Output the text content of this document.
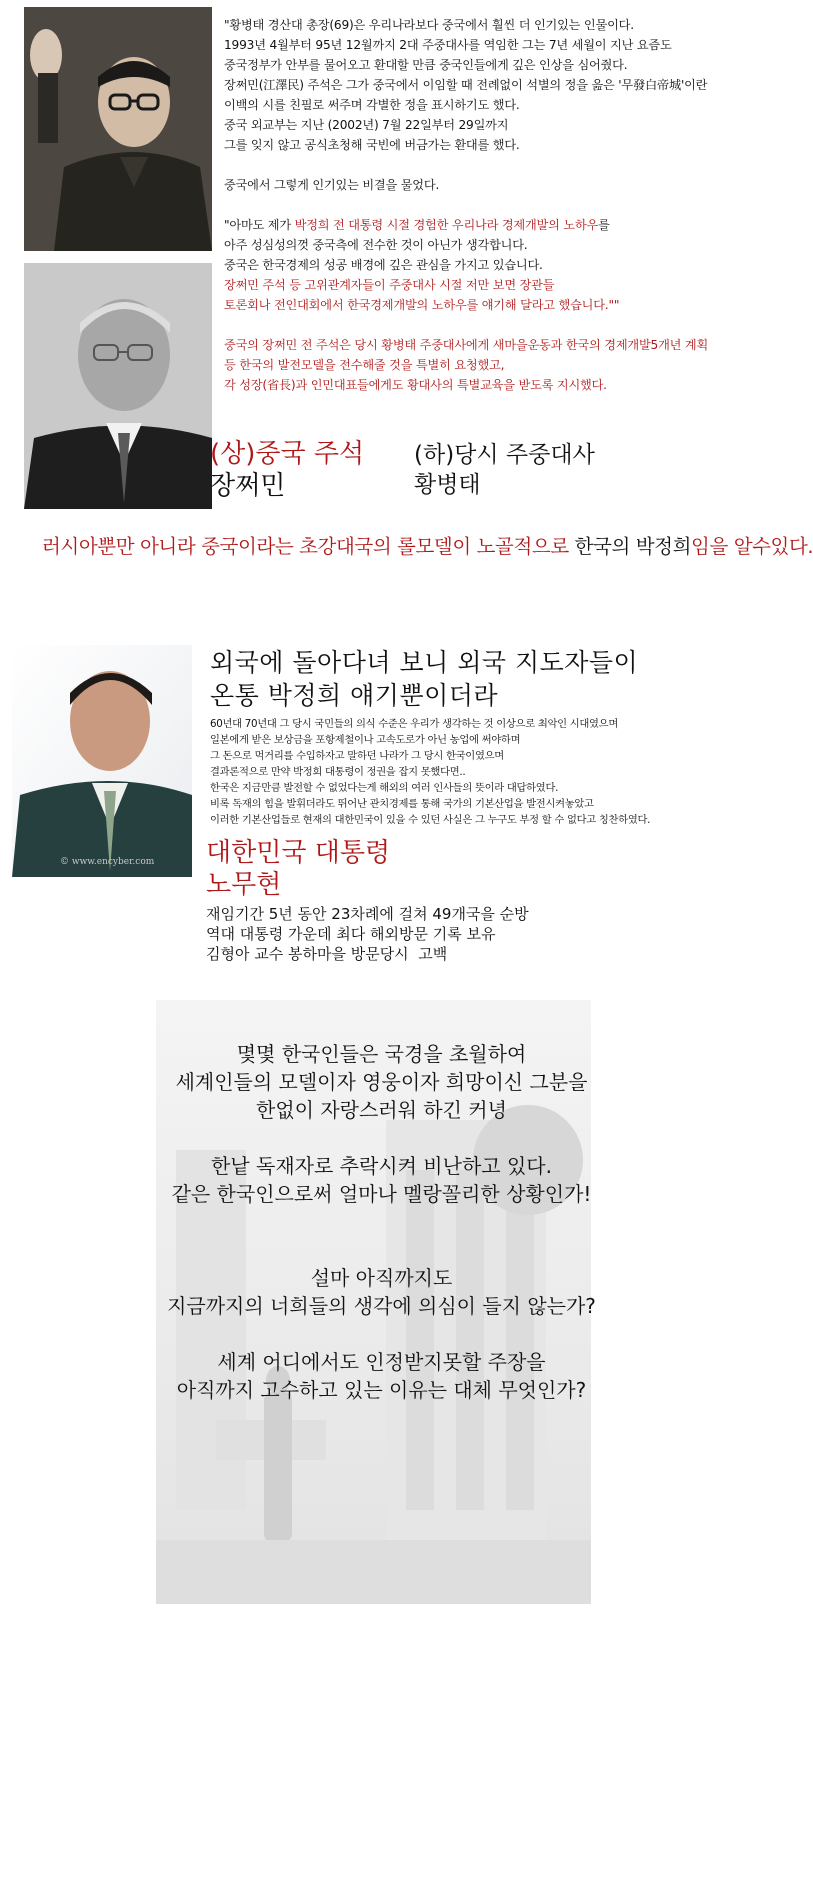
"황병태 경산대 총장(69)은 우리나라보다 중국에서 훨씬 더 인기있는 인물이다.
1993년 4월부터 95년 12월까지 2대 주중대사를 역임한 그는 7년 세월이 지난 요즘도
중국정부가 안부를 물어오고 환대할 만큼 중국인들에게 깊은 인상을 심어줬다.
장쩌민(江澤民) 주석은 그가 중국에서 이임할 때 전례없이 석별의 정을 읊은 '무發白帝城'이란
이백의 시를 친필로 써주며 각별한 정을 표시하기도 했다.
중국 외교부는 지난 (2002년) 7월 22일부터 29일까지
그를 잊지 않고 공식초청해 국빈에 버금가는 환대를 했다.
중국에서 그렇게 인기있는 비결을 물었다.
"아마도 제가 박정희 전 대통령 시절 경험한 우리나라 경제개발의 노하우를
아주 성심성의껏 중국측에 전수한 것이 아닌가 생각합니다.
중국은 한국경제의 성공 배경에 깊은 관심을 가지고 있습니다.
장쩌민 주석 등 고위관계자들이 주중대사 시절 저만 보면 장관들
토론회나 전인대회에서 한국경제개발의 노하우를 얘기해 달라고 했습니다.""
중국의 장쩌민 전 주석은 당시 황병태 주중대사에게 새마을운동과 한국의 경제개발5개년 계획
등 한국의 발전모델을 전수해줄 것을 특별히 요청했고,
각 성장(省長)과 인민대표들에게도 황대사의 특별교육을 받도록 지시했다.
(상)중국 주석
장쩌민
(하)당시 주중대사
황병태
러시아뿐만 아니라 중국이라는 초강대국의 롤모델이 노골적으로 한국의 박정희임을 알수있다.
© www.encyber.com
외국에 돌아다녀 보니 외국 지도자들이
온통 박정희 얘기뿐이더라
60년대 70년대 그 당시 국민들의 의식 수준은 우리가 생각하는 것 이상으로 최악인 시대였으며
일본에게 받은 보상금을 포항제철이나 고속도로가 아닌 농업에 써야하며
그 돈으로 먹거리를 수입하자고 말하던 나라가 그 당시 한국이였으며
결과론적으로 만약 박정희 대통령이 정권을 잡지 못했다면..
한국은 지금만큼 발전할 수 없었다는게 해외의 여러 인사들의 뜻이라 대답하였다.
비록 독재의 힘을 발휘더라도 뛰어난 관치경제를 통해 국가의 기본산업을 발전시켜놓았고
이러한 기본산업들로 현재의 대한민국이 있을 수 있던 사실은 그 누구도 부정 할 수 없다고 칭찬하였다.
대한민국 대통령
노무현
재임기간 5년 동안 23차례에 걸쳐 49개국을 순방
역대 대통령 가운데 최다 해외방문 기록 보유
김형아 교수 봉하마을 방문당시  고백
몇몇 한국인들은 국경을 초월하여
세계인들의 모델이자 영웅이자 희망이신 그분을
한없이 자랑스러워 하긴 커녕
한낱 독재자로 추락시켜 비난하고 있다.
같은 한국인으로써 얼마나 멜랑꼴리한 상황인가!
설마 아직까지도
지금까지의 너희들의 생각에 의심이 들지 않는가?
세계 어디에서도 인정받지못할 주장을
아직까지 고수하고 있는 이유는 대체 무엇인가?
